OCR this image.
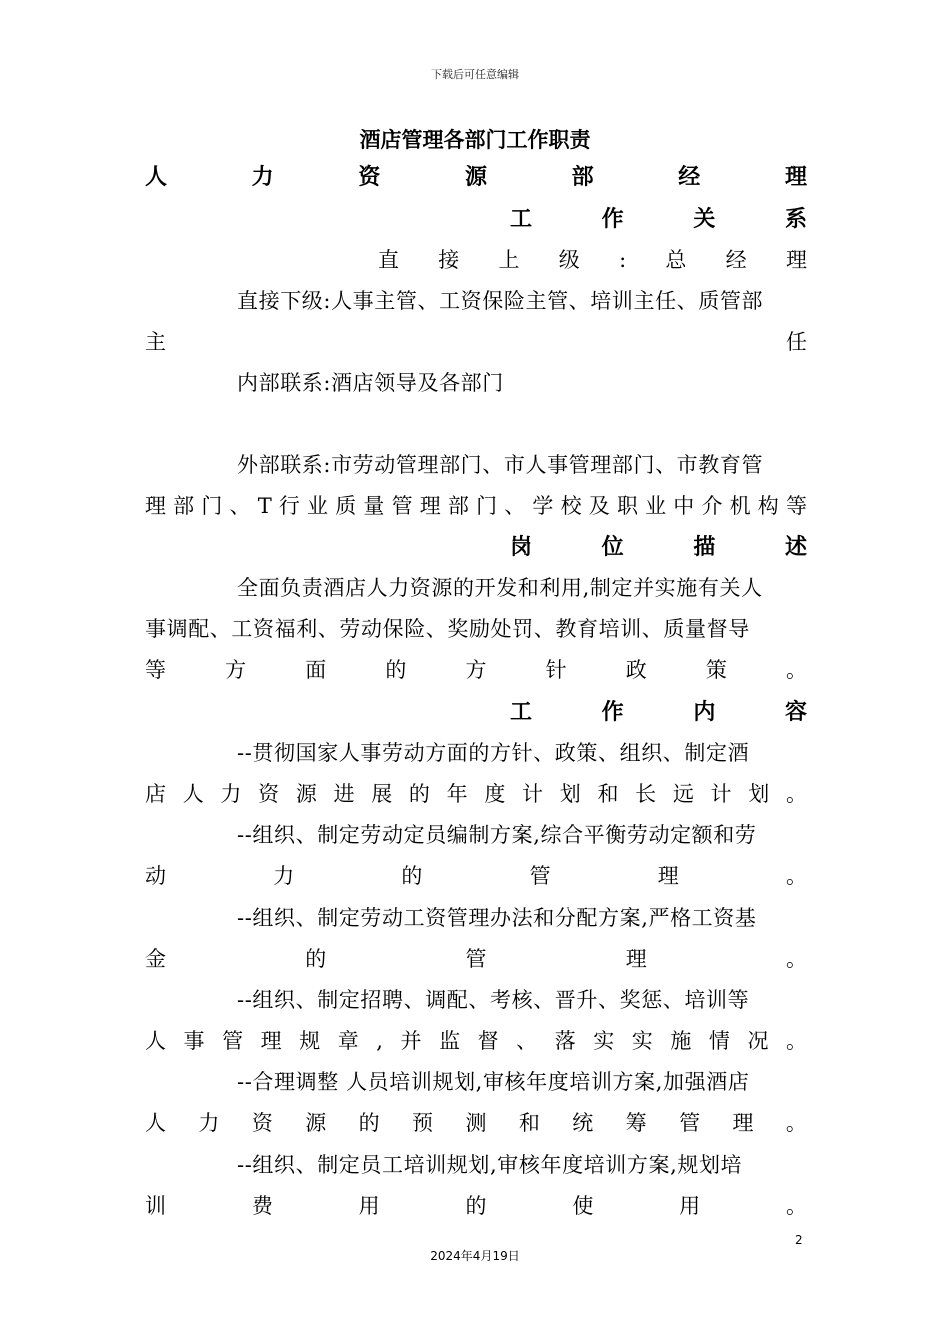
下载后可任意编辑
酒店管理各部门工作职责
人	力	资	源	部	经	理
工	作	关	系
直 接 上 级 : 总 经 理
直接下级:人事主管、工资保险主管、培训主任、质管部
主	任
内部联系:酒店领导及各部门
外部联系:市劳动管理部门、市人事管理部门、市教育管
理 部 门 、 T 行 业 质 量 管 理 部 门 、 学 校 及 职 业 中 介 机 构 等
岗	位	描	述
全面负责酒店人力资源的开发和利用,制定并实施有关人
事调配、工资福利、劳动保险、奖励处罚、教育培训、质量督导
等	方	面	的	方	针	政	策	。
工	作	内	容
--贯彻国家人事劳动方面的方针、政策、组织、制定酒
店 人 力 资 源 进 展 的 年 度 计 划 和 长 远 计 划 。
--组织、制定劳动定员编制方案,综合平衡劳动定额和劳
动	力	的	管	理	。
--组织、制定劳动工资管理办法和分配方案,严格工资基
金	的	管	理	。
--组织、制定招聘、调配、考核、晋升、奖惩、培训等
人 事 管 理 规 章 , 并 监 督 、 落 实 实 施 情 况 。
--合理调整 人员培训规划,审核年度培训方案,加强酒店
人 力 资 源 的 预 测 和 统 筹 管 理 。
--组织、制定员工培训规划,审核年度培训方案,规划培
训	费	用	的	使	用	。
2
2024年4月19日
